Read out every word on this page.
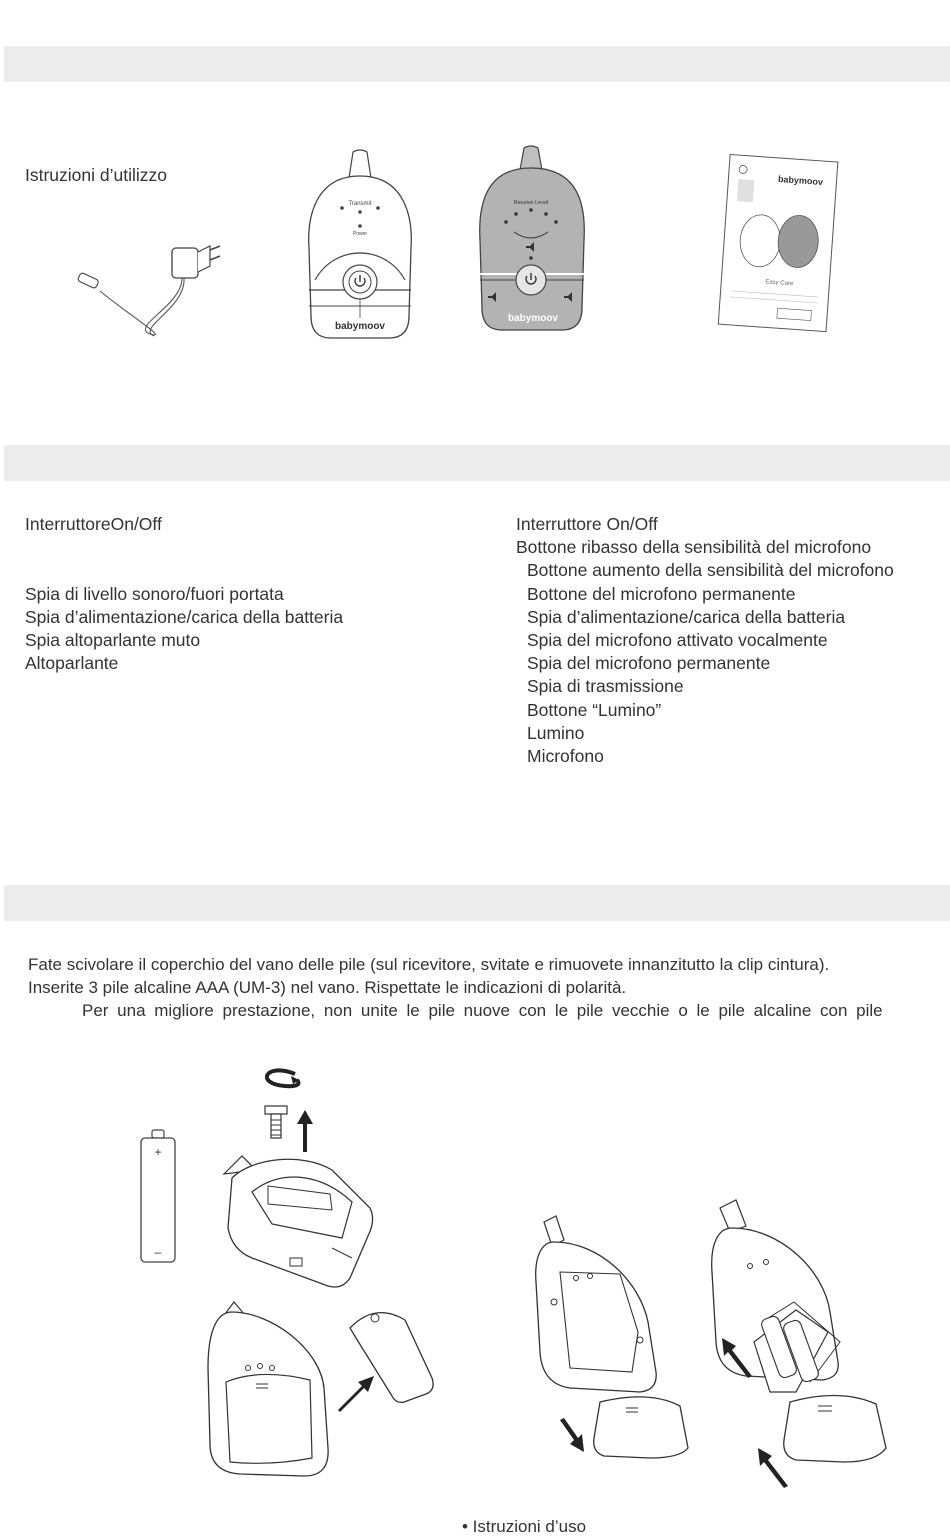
Istruzioni d’utilizzo
Transmit
Power
babymoov
Receive Level
babymoov
babymoov
Easy Care
InterruttoreOn/Off
Spia di livello sonoro/fuori portata
Spia d’alimentazione/carica della batteria
Spia altoparlante muto
Altoparlante
Interruttore On/Off
Bottone ribasso della sensibilità del microfono
Bottone aumento della sensibilità del microfono
Bottone del microfono permanente
Spia d’alimentazione/carica della batteria
Spia del microfono attivato vocalmente
Spia del microfono permanente
Spia di trasmissione
Bottone “Lumino”
Lumino
Microfono
Fate scivolare il coperchio del vano delle pile (sul ricevitore, svitate e rimuovete innanzitutto la clip cintura).
Inserite 3 pile alcaline AAA (UM-3) nel vano. Rispettate le indicazioni di polarità.
Per una migliore prestazione, non unite le pile nuove con le pile vecchie o le pile alcaline con pile
+
–
• Istruzioni d’uso
